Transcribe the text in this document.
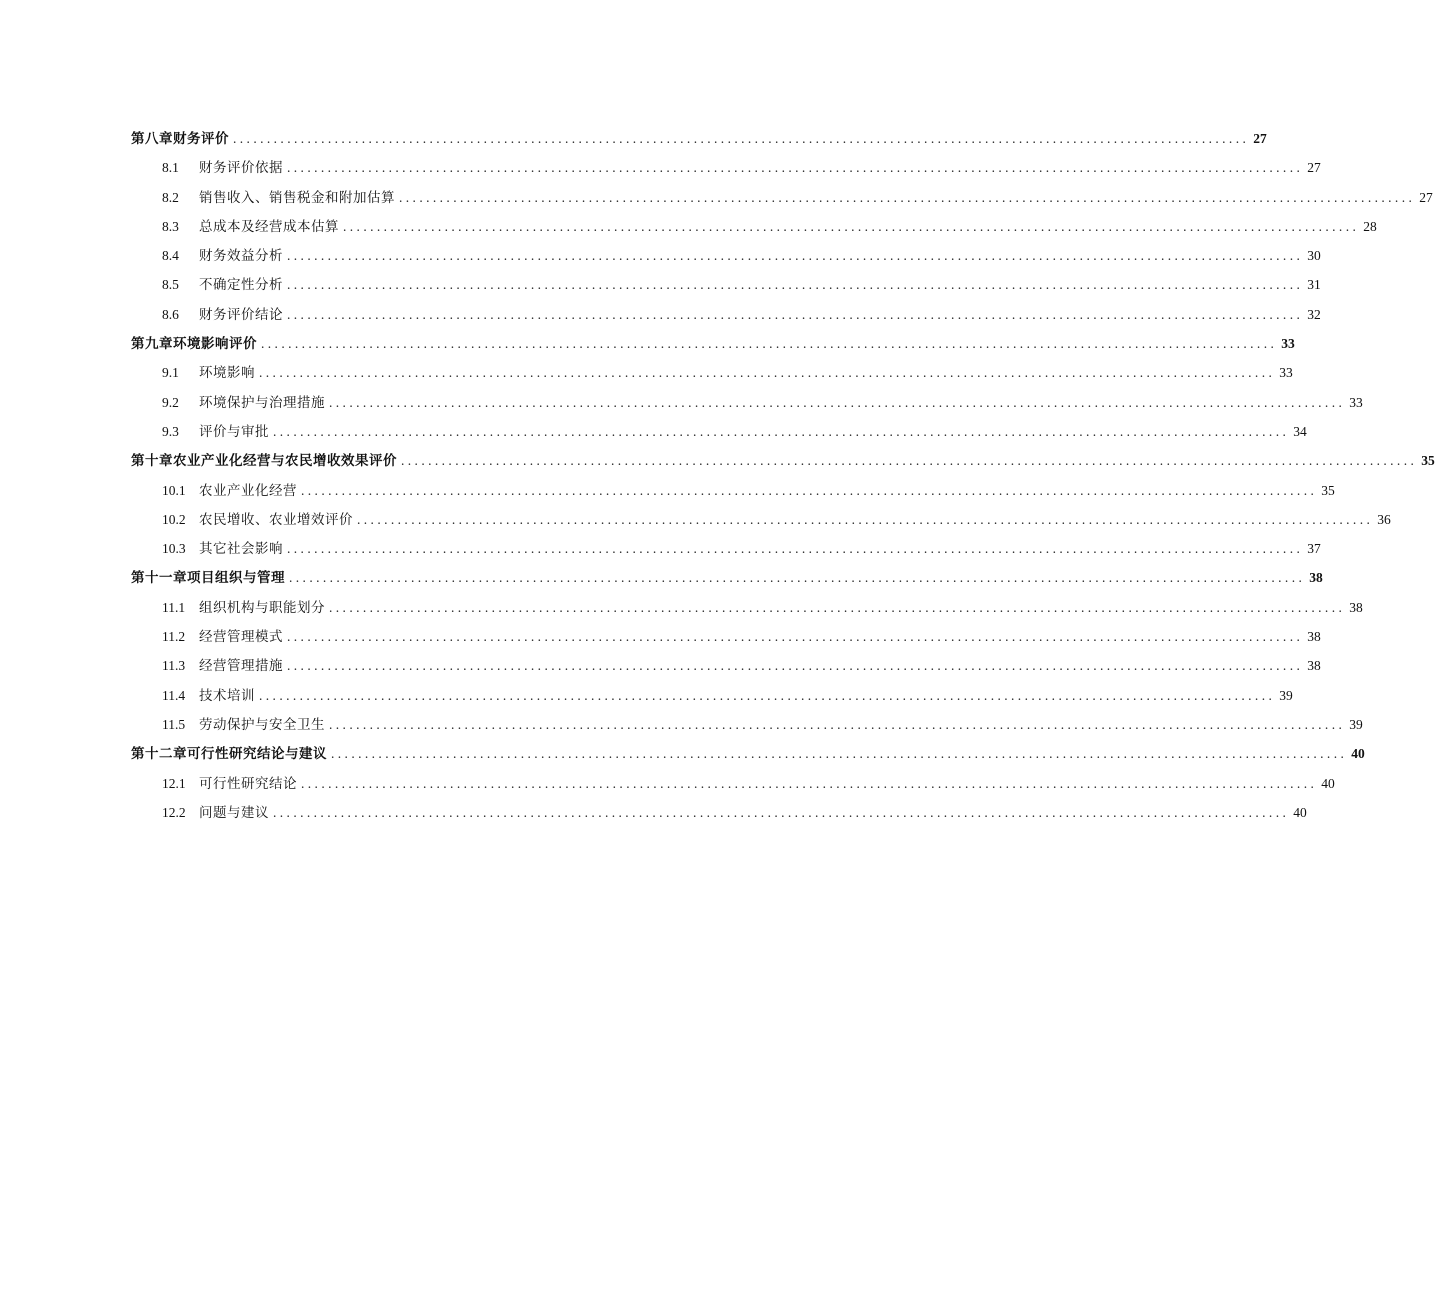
第八章财务评价 ...................................................................................................................................................... 27
8.1	财务评价依据 ...................................................................................................................................................... 27
8.2	销售收入、销售税金和附加估算 ...................................................................................................................................................... 27
8.3	总成本及经营成本估算 ...................................................................................................................................................... 28
8.4	财务效益分析 ...................................................................................................................................................... 30
8.5	不确定性分析 ...................................................................................................................................................... 31
8.6	财务评价结论 ...................................................................................................................................................... 32
第九章环境影响评价 ...................................................................................................................................................... 33
9.1	环境影响 ...................................................................................................................................................... 33
9.2	环境保护与治理措施 ...................................................................................................................................................... 33
9.3	评价与审批 ...................................................................................................................................................... 34
第十章农业产业化经营与农民增收效果评价 ...................................................................................................................................................... 35
10.1 农业产业化经营 ...................................................................................................................................................... 35
10.2 农民增收、农业增效评价 ...................................................................................................................................................... 36
10.3 其它社会影响 ...................................................................................................................................................... 37
第十一章项目组织与管理 ...................................................................................................................................................... 38
11.1	组织机构与职能划分 ...................................................................................................................................................... 38
11.2	经营管理模式 ...................................................................................................................................................... 38
11.3	经营管理措施 ...................................................................................................................................................... 38
11.4	技术培训 ...................................................................................................................................................... 39
11.5	劳动保护与安全卫生 ...................................................................................................................................................... 39
第十二章可行性研究结论与建议 ...................................................................................................................................................... 40
12.1 可行性研究结论 ...................................................................................................................................................... 40
12.2 问题与建议 ...................................................................................................................................................... 40
